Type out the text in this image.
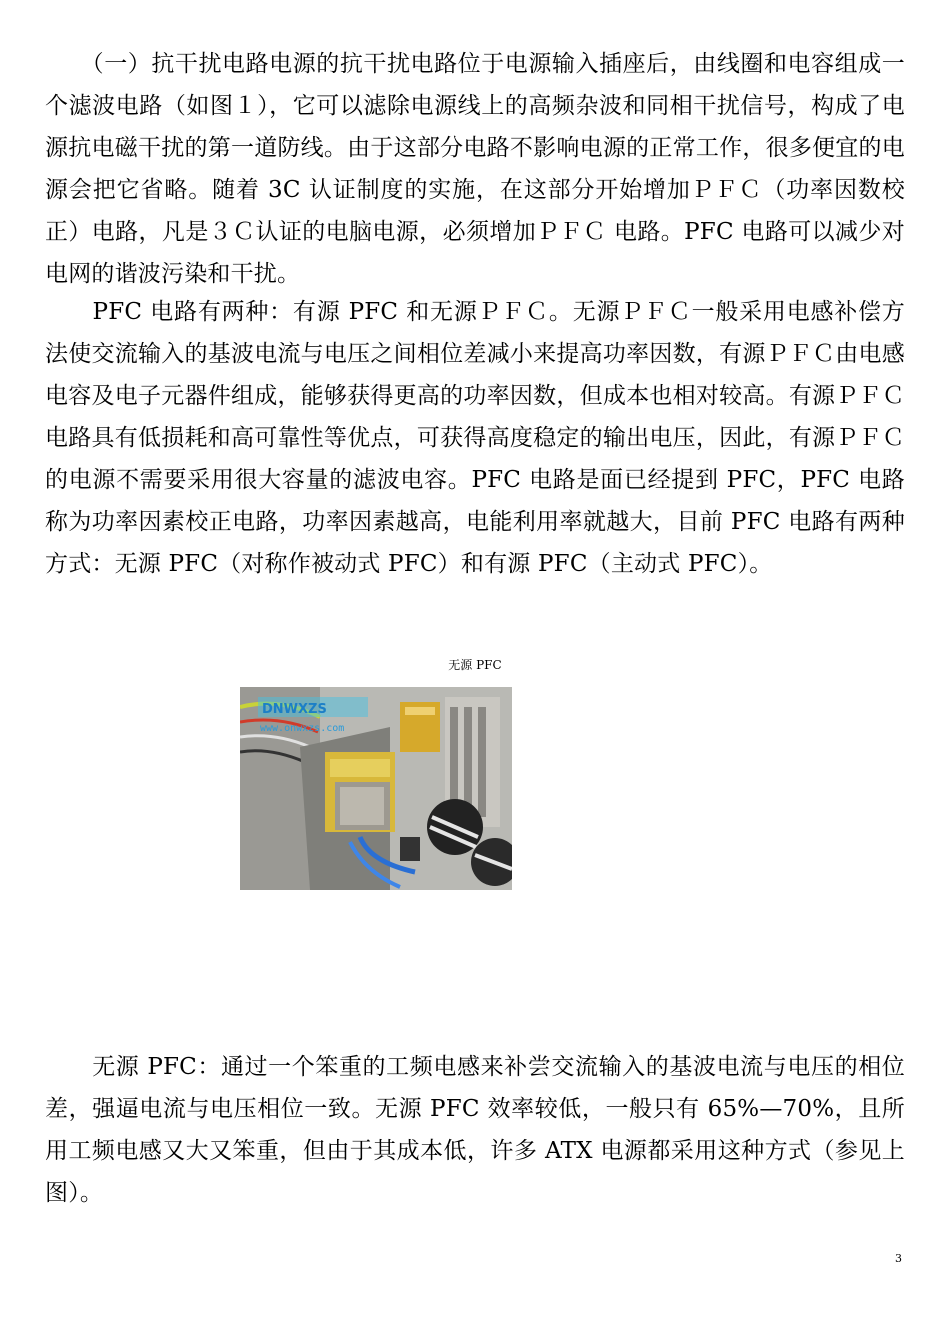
　　（一）抗干扰电路电源的抗干扰电路位于电源输入插座后，由线圈和电容组成一个滤波电路（如图１），它可以滤除电源线上的高频杂波和同相干扰信号，构成了电源抗电磁干扰的第一道防线。由于这部分电路不影响电源的正常工作，很多便宜的电源会把它省略。随着 3C 认证制度的实施，在这部分开始增加ＰＦＣ（功率因数校正）电路，凡是３Ｃ认证的电脑电源，必须增加ＰＦＣ 电路。PFC 电路可以减少对电网的谐波污染和干扰。

　　PFC 电路有两种：有源 PFC 和无源ＰＦＣ。无源ＰＦＣ一般采用电感补偿方法使交流输入的基波电流与电压之间相位差减小来提高功率因数，有源ＰＦＣ由电感电容及电子元器件组成，能够获得更高的功率因数，但成本也相对较高。有源ＰＦＣ 电路具有低损耗和高可靠性等优点，可获得高度稳定的输出电压，因此，有源ＰＦＣ的电源不需要采用很大容量的滤波电容。PFC 电路是面已经提到 PFC，PFC 电路称为功率因素校正电路，功率因素越高，电能利用率就越大，目前 PFC 电路有两种方式：无源 PFC（对称作被动式 PFC）和有源 PFC（主动式 PFC）。

无源 PFC
DNWXZS
www.onwxzs.com

　　无源 PFC：通过一个笨重的工频电感来补尝交流输入的基波电流与电压的相位差，强逼电流与电压相位一致。无源 PFC 效率较低，一般只有 65%—70%，且所用工频电感又大又笨重，但由于其成本低，许多 ATX 电源都采用这种方式（参见上图）。

3
